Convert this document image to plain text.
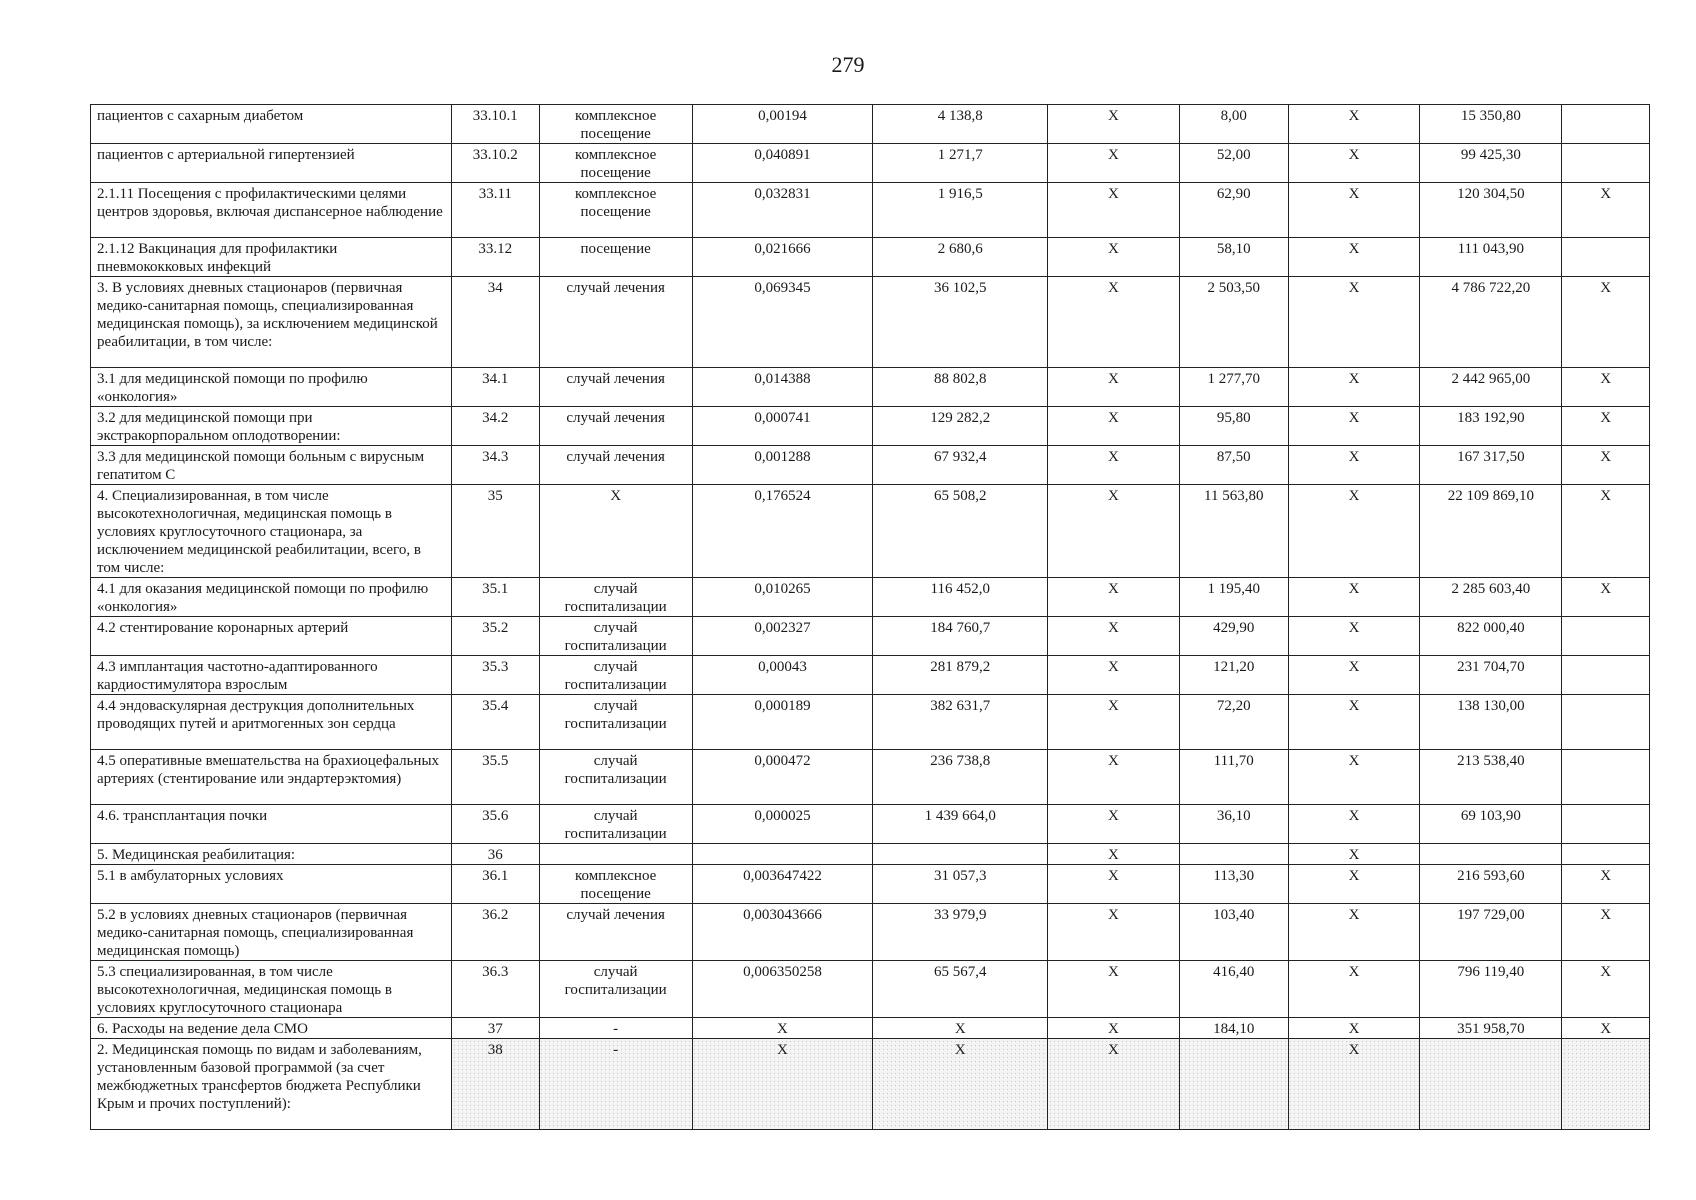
279
пациентов с сахарным диабетом	33.10.1	комплексное посещение	0,00194	4 138,8	X	8,00	X	15 350,80	
пациентов с артериальной гипертензией	33.10.2	комплексное посещение	0,040891	1 271,7	X	52,00	X	99 425,30	
2.1.11 Посещения с профилактическими целями центров здоровья, включая диспансерное наблюдение	33.11	комплексное посещение	0,032831	1 916,5	X	62,90	X	120 304,50	X
2.1.12 Вакцинация для профилактики пневмококковых инфекций	33.12	посещение	0,021666	2 680,6	X	58,10	X	111 043,90	
3. В условиях дневных стационаров (первичная медико-санитарная помощь, специализированная медицинская помощь), за исключением медицинской реабилитации, в том числе:	34	случай лечения	0,069345	36 102,5	X	2 503,50	X	4 786 722,20	X
3.1 для медицинской помощи по профилю «онкология»	34.1	случай лечения	0,014388	88 802,8	X	1 277,70	X	2 442 965,00	X
3.2 для медицинской помощи при экстракорпоральном оплодотворении:	34.2	случай лечения	0,000741	129 282,2	X	95,80	X	183 192,90	X
3.3 для медицинской помощи больным с вирусным гепатитом С	34.3	случай лечения	0,001288	67 932,4	X	87,50	X	167 317,50	X
4. Специализированная, в том числе высокотехнологичная, медицинская помощь в условиях круглосуточного стационара, за исключением медицинской реабилитации, всего, в том числе:	35	X	0,176524	65 508,2	X	11 563,80	X	22 109 869,10	X
4.1 для оказания медицинской помощи по профилю «онкология»	35.1	случай госпитализации	0,010265	116 452,0	X	1 195,40	X	2 285 603,40	X
4.2 стентирование коронарных артерий	35.2	случай госпитализации	0,002327	184 760,7	X	429,90	X	822 000,40	
4.3 имплантация частотно-адаптированного кардиостимулятора взрослым	35.3	случай госпитализации	0,00043	281 879,2	X	121,20	X	231 704,70	
4.4 эндоваскулярная деструкция дополнительных проводящих путей и аритмогенных зон сердца	35.4	случай госпитализации	0,000189	382 631,7	X	72,20	X	138 130,00	
4.5 оперативные вмешательства на брахиоцефальных артериях (стентирование или эндартерэктомия)	35.5	случай госпитализации	0,000472	236 738,8	X	111,70	X	213 538,40	
4.6. трансплантация почки	35.6	случай госпитализации	0,000025	1 439 664,0	X	36,10	X	69 103,90	
5. Медицинская реабилитация:	36				X		X		
5.1 в амбулаторных условиях	36.1	комплексное посещение	0,003647422	31 057,3	X	113,30	X	216 593,60	X
5.2 в условиях дневных стационаров (первичная медико-санитарная помощь, специализированная медицинская помощь)	36.2	случай лечения	0,003043666	33 979,9	X	103,40	X	197 729,00	X
5.3 специализированная, в том числе высокотехнологичная, медицинская помощь в условиях круглосуточного стационара	36.3	случай госпитализации	0,006350258	65 567,4	X	416,40	X	796 119,40	X
6. Расходы на ведение дела СМО	37	-	X	X	X	184,10	X	351 958,70	X
2. Медицинская помощь по видам и заболеваниям, установленным базовой программой (за счет межбюджетных трансфертов бюджета Республики Крым и прочих поступлений):	38	-	X	X	X		X		
